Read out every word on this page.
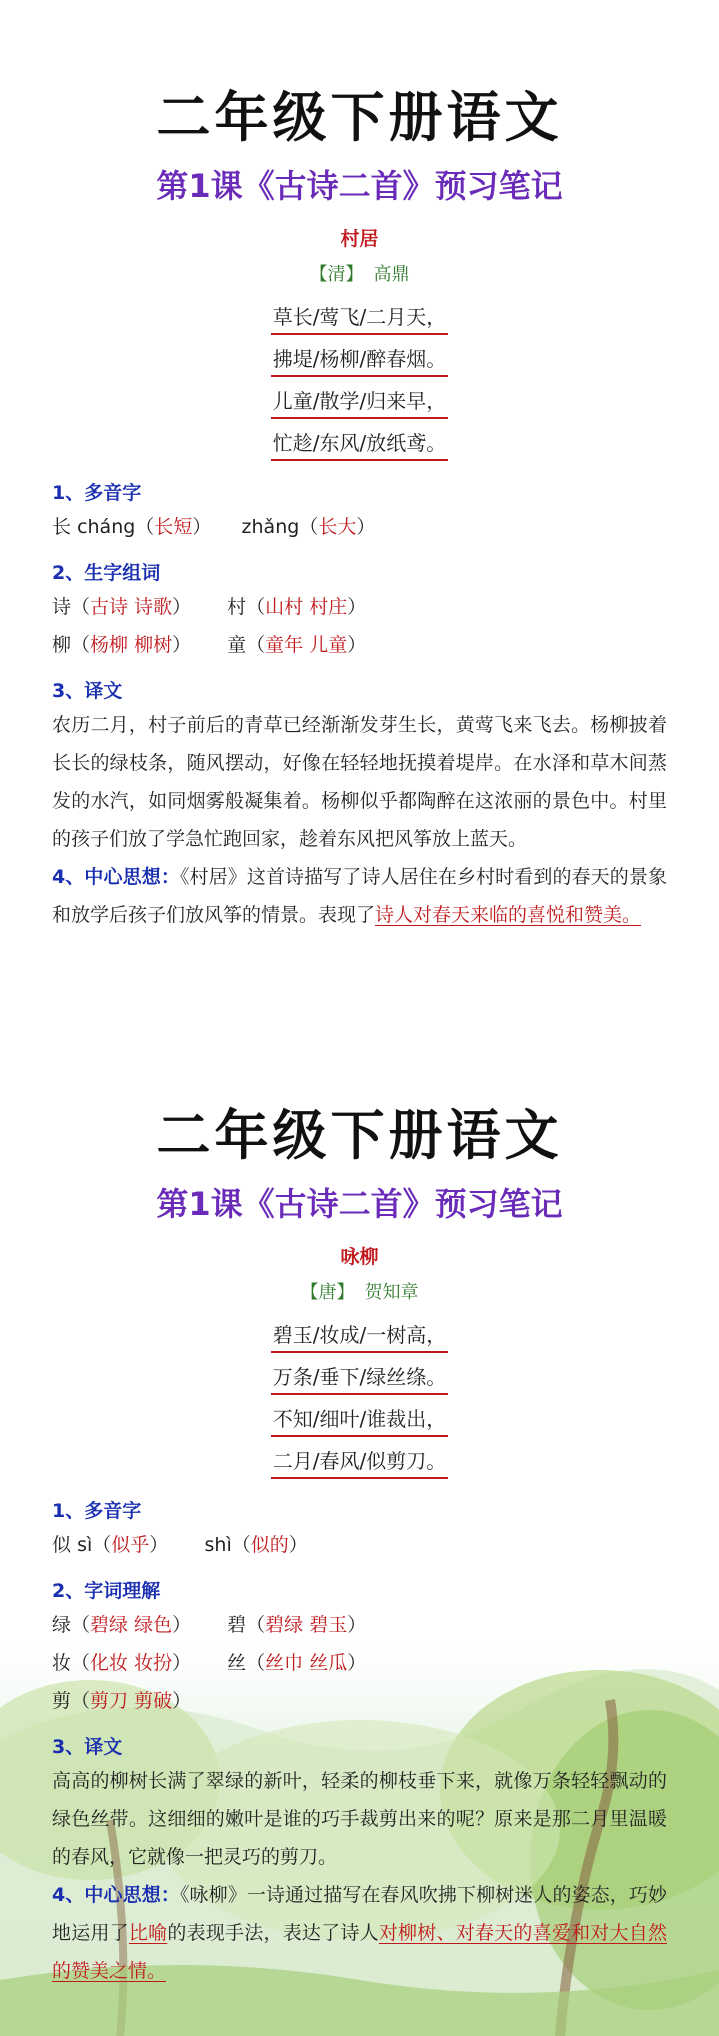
二年级下册语文
第1课《古诗二首》预习笔记
村居
【清】 高鼎
草长/莺飞/二月天，
拂堤/杨柳/醉春烟。
儿童/散学/归来早，
忙趁/东风/放纸鸢。
1、多音字
长 cháng（长短）     zhǎng（长大）
2、生字组词
诗（古诗 诗歌） 村（山村 村庄）
柳（杨柳 柳树） 童（童年 儿童）
3、译文

农历二月，村子前后的青草已经渐渐发芽生长，黄莺飞来飞去。杨柳披着长长的绿枝条，随风摆动，好像在轻轻地抚摸着堤岸。在水泽和草木间蒸发的水汽，如同烟雾般凝集着。杨柳似乎都陶醉在这浓丽的景色中。村里的孩子们放了学急忙跑回家，趁着东风把风筝放上蓝天。

4、中心思想：《村居》这首诗描写了诗人居住在乡村时看到的春天的景象和放学后孩子们放风筝的情景。表现了诗人对春天来临的喜悦和赞美。

二年级下册语文
第1课《古诗二首》预习笔记
咏柳
【唐】 贺知章
碧玉/妆成/一树高，
万条/垂下/绿丝绦。
不知/细叶/谁裁出，
二月/春风/似剪刀。
1、多音字
似 sì（似乎）      shì（似的）
2、字词理解
绿（碧绿 绿色） 碧（碧绿 碧玉）
妆（化妆 妆扮） 丝（丝巾 丝瓜）
剪（剪刀 剪破）
3、译文

高高的柳树长满了翠绿的新叶，轻柔的柳枝垂下来，就像万条轻轻飘动的绿色丝带。这细细的嫩叶是谁的巧手裁剪出来的呢？原来是那二月里温暖的春风，它就像一把灵巧的剪刀。

4、中心思想：《咏柳》一诗通过描写在春风吹拂下柳树迷人的姿态，巧妙地运用了比喻的表现手法，表达了诗人对柳树、对春天的喜爱和对大自然的赞美之情。
